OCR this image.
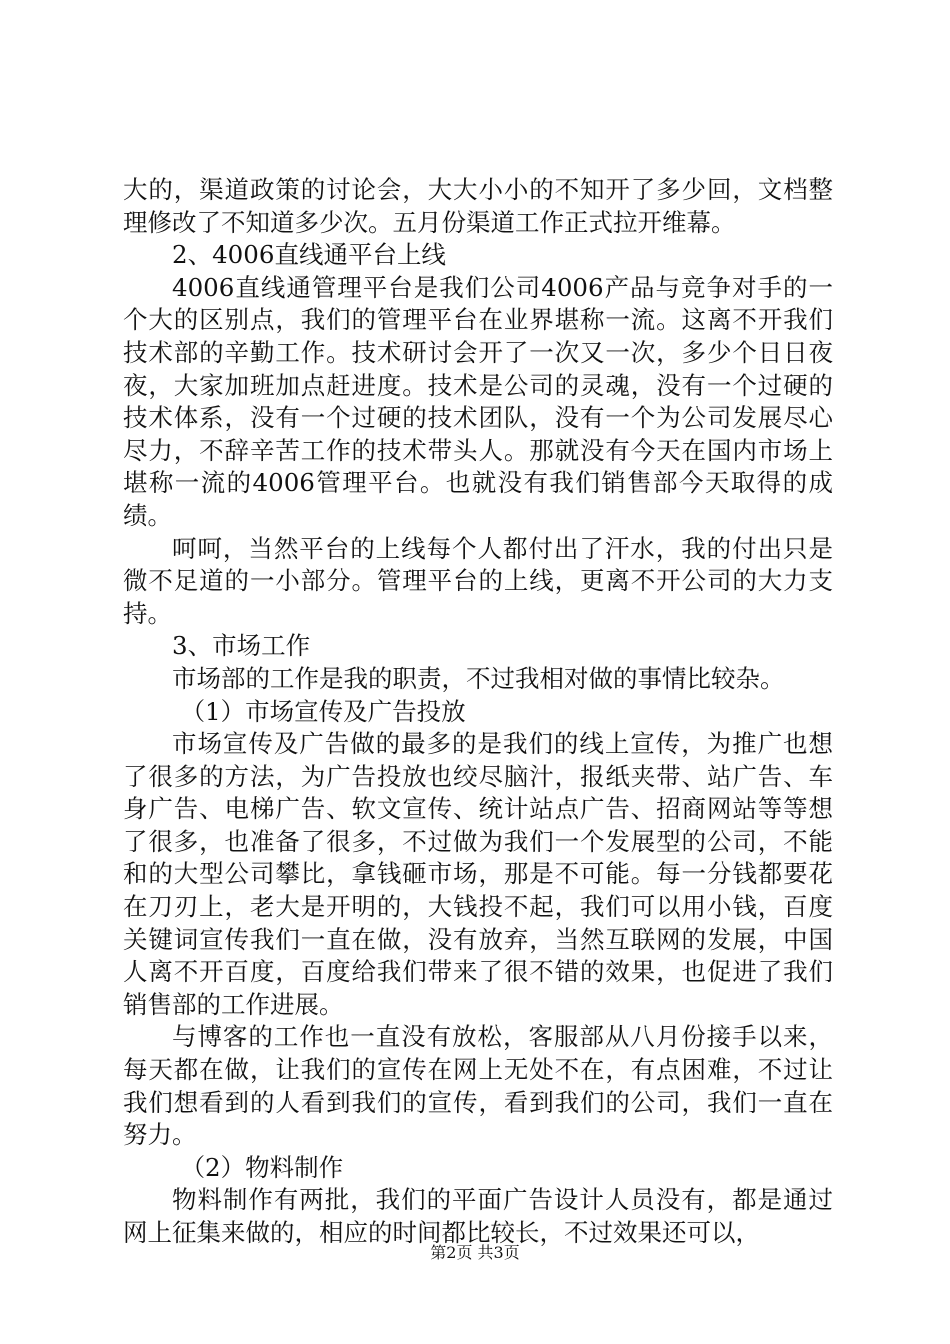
大的，渠道政策的讨论会，大大小小的不知开了多少回，文档整理修改了不知道多少次。五月份渠道工作正式拉开维幕。

2、4006直线通平台上线

4006直线通管理平台是我们公司4006产品与竞争对手的一个大的区别点，我们的管理平台在业界堪称一流。这离不开我们技术部的辛勤工作。技术研讨会开了一次又一次，多少个日日夜夜，大家加班加点赶进度。技术是公司的灵魂，没有一个过硬的技术体系，没有一个过硬的技术团队，没有一个为公司发展尽心尽力，不辞辛苦工作的技术带头人。那就没有今天在国内市场上堪称一流的4006管理平台。也就没有我们销售部今天取得的成绩。

呵呵，当然平台的上线每个人都付出了汗水，我的付出只是微不足道的一小部分。管理平台的上线，更离不开公司的大力支持。

3、市场工作

市场部的工作是我的职责，不过我相对做的事情比较杂。

（1）市场宣传及广告投放

市场宣传及广告做的最多的是我们的线上宣传，为推广也想了很多的方法，为广告投放也绞尽脑汁，报纸夹带、站广告、车身广告、电梯广告、软文宣传、统计站点广告、招商网站等等想了很多，也准备了很多，不过做为我们一个发展型的公司，不能和的大型公司攀比，拿钱砸市场，那是不可能。每一分钱都要花在刀刃上，老大是开明的，大钱投不起，我们可以用小钱，百度关键词宣传我们一直在做，没有放弃，当然互联网的发展，中国人离不开百度，百度给我们带来了很不错的效果，也促进了我们销售部的工作进展。

与博客的工作也一直没有放松，客服部从八月份接手以来，每天都在做，让我们的宣传在网上无处不在，有点困难，不过让我们想看到的人看到我们的宣传，看到我们的公司，我们一直在努力。

（2）物料制作

物料制作有两批，我们的平面广告设计人员没有，都是通过网上征集来做的，相应的时间都比较长，不过效果还可以，

第2页 共3页
